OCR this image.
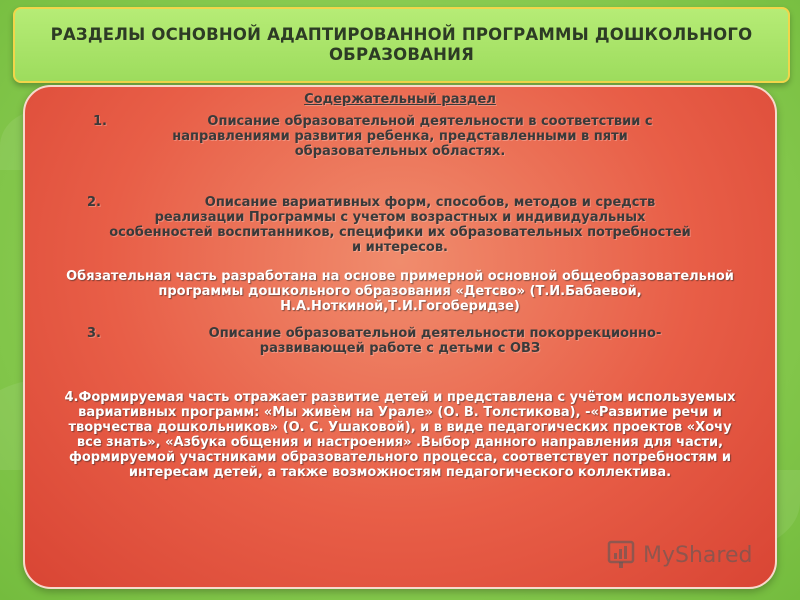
РАЗДЕЛЫ ОСНОВНОЙ АДАПТИРОВАННОЙ ПРОГРАММЫ ДОШКОЛЬНОГО ОБРАЗОВАНИЯ
Содержательный раздел
1.	Описание образовательной деятельности в соответствии с направлениями развития ребенка, представленными в пяти образовательных областях.
2.	Описание вариативных форм, способов, методов и средств реализации Программы с учетом возрастных и индивидуальных особенностей воспитанников, специфики их образовательных потребностей и интересов.
Обязательная часть разработана на основе примерной основной общеобразовательной программы дошкольного образования «Детсво» (Т.И.Бабаевой, Н.А.Ноткиной,Т.И.Гогоберидзе)
3.	Описание образовательной деятельности покоррекционно-развивающей работе с детьми с ОВЗ
4.Формируемая часть отражает развитие детей и представлена с учётом используемых вариативных программ: «Мы живѐм на Урале» (О. В. Толстикова), -«Развитие речи и творчества дошкольников» (О. С. Ушаковой), и в виде педагогических проектов «Хочу все знать», «Азбука общения и настроения» .Выбор данного направления для части, формируемой участниками образовательного процесса, соответствует потребностям и интересам детей, а также возможностям педагогического коллектива.
MyShared
